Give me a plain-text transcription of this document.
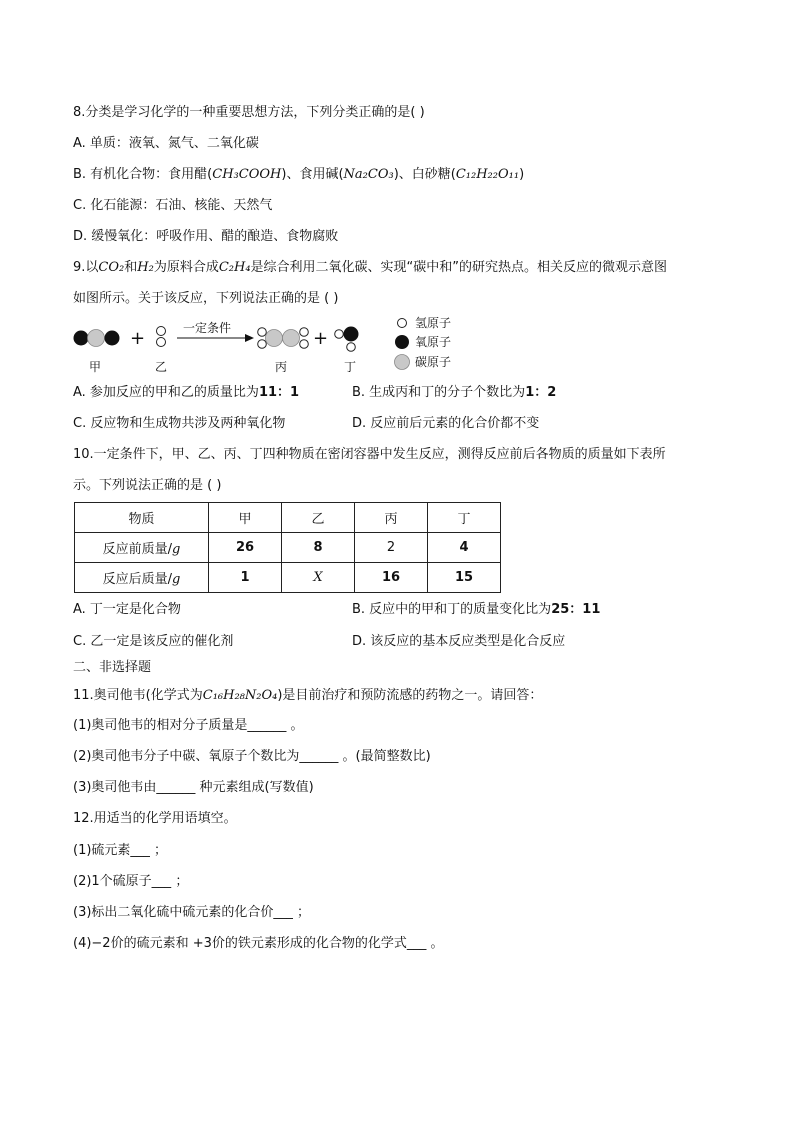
8.分类是学习化学的一种重要思想方法，下列分类正确的是( )
A. 单质：液氧、氮气、二氧化碳
B. 有机化合物：食用醋(CH₃COOH)、食用碱(Na₂CO₃)、白砂糖(C₁₂H₂₂O₁₁)
C. 化石能源：石油、核能、天然气
D. 缓慢氧化：呼吸作用、醋的酿造、食物腐败
9.以CO₂和H₂为原料合成C₂H₄是综合利用二氧化碳、实现“碳中和”的研究热点。相关反应的微观示意图
如图所示。关于该反应，下列说法正确的是 ( )
+	一定条件	+
甲	乙	丙	丁
氢原子
氧原子
碳原子
A. 参加反应的甲和乙的质量比为11：1	B. 生成丙和丁的分子个数比为1：2
C. 反应物和生成物共涉及两种氧化物	D. 反应前后元素的化合价都不变
10.一定条件下，甲、乙、丙、丁四种物质在密闭容器中发生反应，测得反应前后各物质的质量如下表所
示。下列说法正确的是 ( )
物质	甲	乙	丙	丁
反应前质量/g	26	8	2	4
反应后质量/g	1	X	16	15
A. 丁一定是化合物	B. 反应中的甲和丁的质量变化比为25：11
C. 乙一定是该反应的催化剂	D. 该反应的基本反应类型是化合反应
二、非选择题
11.奥司他韦(化学式为C₁₆H₂₈N₂O₄)是目前治疗和预防流感的药物之一。请回答：
(1)奥司他韦的相对分子质量是______ 。
(2)奥司他韦分子中碳、氧原子个数比为______ 。(最简整数比)
(3)奥司他韦由______ 种元素组成(写数值)
12.用适当的化学用语填空。
(1)硫元素___ ；
(2)1个硫原子___ ；
(3)标出二氧化硫中硫元素的化合价___ ；
(4)−2价的硫元素和 +3价的铁元素形成的化合物的化学式___ 。
